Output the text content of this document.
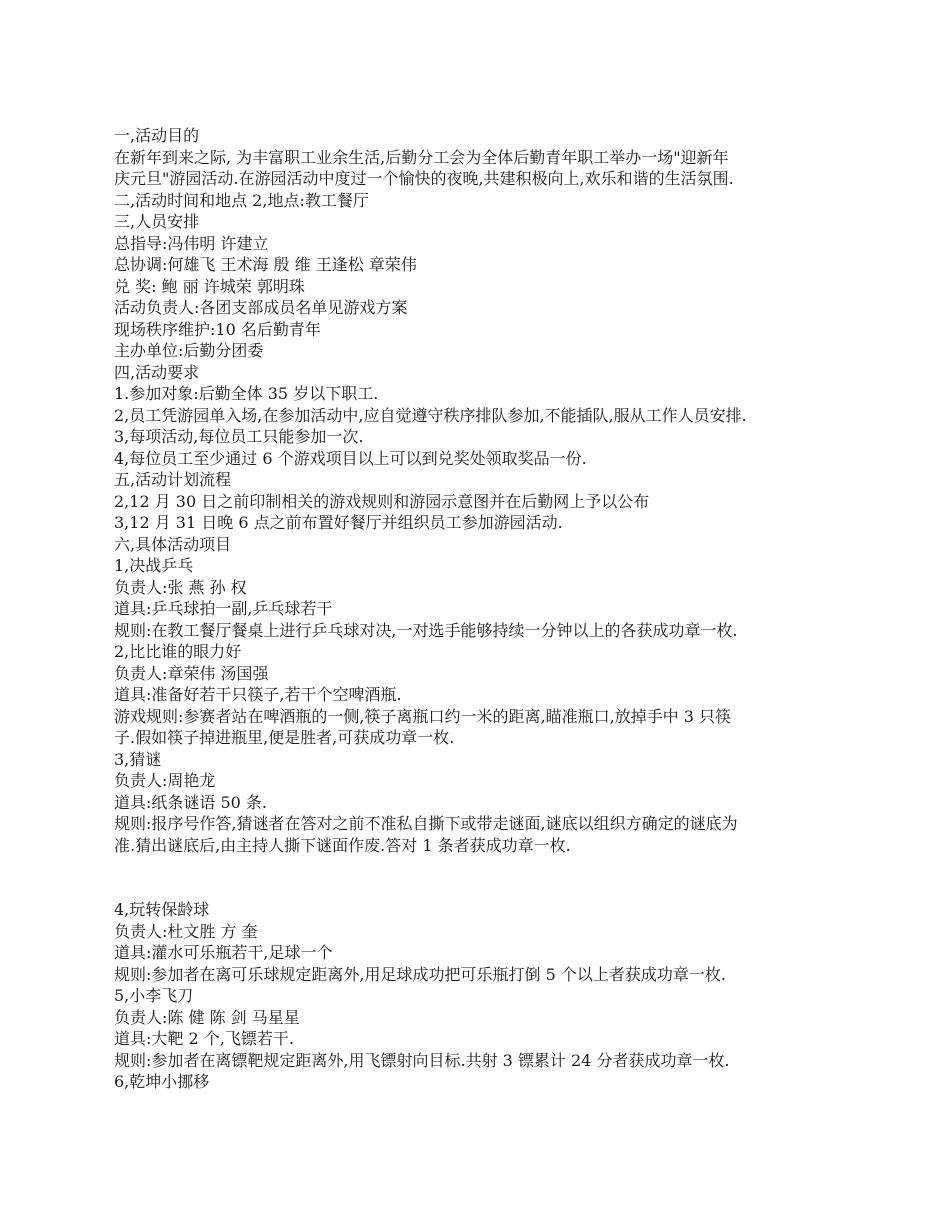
一,活动目的

在新年到来之际, 为丰富职工业余生活,后勤分工会为全体后勤青年职工举办一场"迎新年

庆元旦"游园活动.在游园活动中度过一个愉快的夜晚,共建积极向上,欢乐和谐的生活氛围.

二,活动时间和地点 2,地点:教工餐厅

三,人员安排

总指导:冯伟明 许建立

总协调:何雄飞 王术海 殷 维 王逢松 章荣伟

兑 奖: 鲍 丽 许城荣 郭明珠

活动负责人:各团支部成员名单见游戏方案

现场秩序维护:10 名后勤青年

主办单位:后勤分团委

四,活动要求

1.参加对象:后勤全体 35 岁以下职工.

2,员工凭游园单入场,在参加活动中,应自觉遵守秩序排队参加,不能插队,服从工作人员安排.

3,每项活动,每位员工只能参加一次.

4,每位员工至少通过 6 个游戏项目以上可以到兑奖处领取奖品一份.

五,活动计划流程

2,12 月 30 日之前印制相关的游戏规则和游园示意图并在后勤网上予以公布

3,12 月 31 日晚 6 点之前布置好餐厅并组织员工参加游园活动.

六,具体活动项目

1,决战乒乓

负责人:张 燕 孙 权

道具:乒乓球拍一副,乒乓球若干

规则:在教工餐厅餐桌上进行乒乓球对决,一对选手能够持续一分钟以上的各获成功章一枚.

2,比比谁的眼力好

负责人:章荣伟 汤国强

道具:准备好若干只筷子,若干个空啤酒瓶.

游戏规则:参赛者站在啤酒瓶的一侧,筷子离瓶口约一米的距离,瞄准瓶口,放掉手中 3 只筷

子.假如筷子掉进瓶里,便是胜者,可获成功章一枚.

3,猜谜

负责人:周艳龙

道具:纸条谜语 50 条.

规则:报序号作答,猜谜者在答对之前不准私自撕下或带走谜面,谜底以组织方确定的谜底为

准.猜出谜底后,由主持人撕下谜面作废.答对 1 条者获成功章一枚.

4,玩转保龄球

负责人:杜文胜 方 奎

道具:灌水可乐瓶若干,足球一个

规则:参加者在离可乐球规定距离外,用足球成功把可乐瓶打倒 5 个以上者获成功章一枚.

5,小李飞刀

负责人:陈 健 陈 剑 马星星

道具:大靶 2 个,飞镖若干.

规则:参加者在离镖靶规定距离外,用飞镖射向目标.共射 3 镖累计 24 分者获成功章一枚.

6,乾坤小挪移
